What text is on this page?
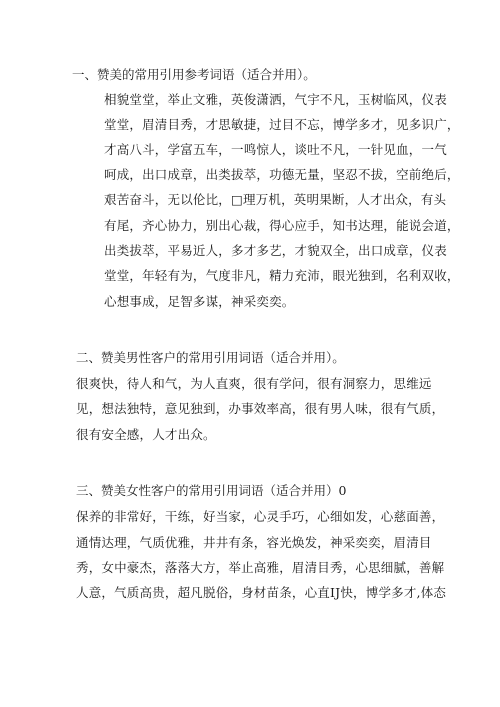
一、赞美的常用引用参考词语（适合并用）。
相貌堂堂，举止文雅，英俊潇洒，气宇不凡，玉树临风，仪表
堂堂，眉清目秀，才思敏捷，过目不忘，博学多才，见多识广，
才高八斗，学富五车，一鸣惊人，谈吐不凡，一针见血，一气
呵成，出口成章，出类拔萃，功德无量，坚忍不拔，空前绝后，
艰苦奋斗，无以伦比，□理万机，英明果断，人才出众，有头
有尾，齐心协力，别出心裁，得心应手，知书达理，能说会道，
出类拔萃，平易近人，多才多艺，才貌双全，出口成章，仪表
堂堂，年轻有为，气度非凡，精力充沛，眼光独到，名利双收，
心想事成，足智多谋，神采奕奕。
二、赞美男性客户的常用引用词语（适合并用）。
很爽快，待人和气，为人直爽，很有学问，很有洞察力，思维远
见，想法独特，意见独到，办事效率高，很有男人味，很有气质，
很有安全感，人才出众。
三、赞美女性客户的常用引用词语（适合并用）0
保养的非常好，干练，好当家，心灵手巧，心细如发，心慈面善，
通情达理，气质优雅，井井有条，容光焕发，神采奕奕，眉清目
秀，女中豪杰，落落大方，举止高雅，眉清目秀，心思细腻，善解
人意，气质高贵，超凡脱俗，身材苗条，心直IJ快，博学多才,体态
